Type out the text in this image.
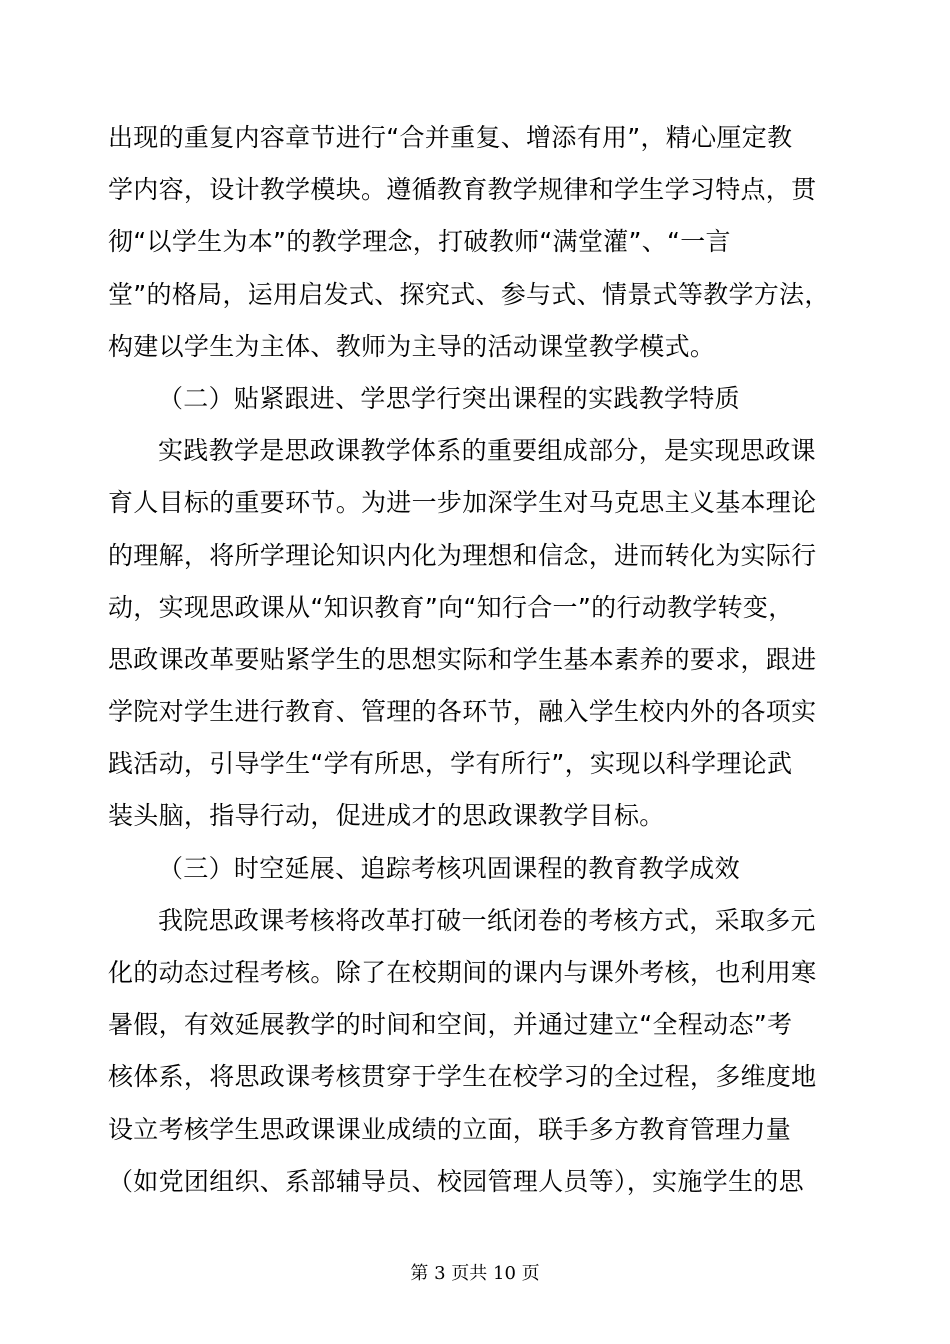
出现的重复内容章节进行“合并重复、增添有用”，精心厘定教
学内容，设计教学模块。遵循教育教学规律和学生学习特点，贯
彻“以学生为本”的教学理念，打破教师“满堂灌”、“一言
堂”的格局，运用启发式、探究式、参与式、情景式等教学方法，
构建以学生为主体、教师为主导的活动课堂教学模式。
（二）贴紧跟进、学思学行突出课程的实践教学特质
实践教学是思政课教学体系的重要组成部分，是实现思政课
育人目标的重要环节。为进一步加深学生对马克思主义基本理论
的理解，将所学理论知识内化为理想和信念，进而转化为实际行
动，实现思政课从“知识教育”向“知行合一”的行动教学转变，
思政课改革要贴紧学生的思想实际和学生基本素养的要求，跟进
学院对学生进行教育、管理的各环节，融入学生校内外的各项实
践活动，引导学生“学有所思，学有所行”，实现以科学理论武
装头脑，指导行动，促进成才的思政课教学目标。
（三）时空延展、追踪考核巩固课程的教育教学成效
我院思政课考核将改革打破一纸闭卷的考核方式，采取多元
化的动态过程考核。除了在校期间的课内与课外考核，也利用寒
暑假，有效延展教学的时间和空间，并通过建立“全程动态”考
核体系，将思政课考核贯穿于学生在校学习的全过程，多维度地
设立考核学生思政课课业成绩的立面，联手多方教育管理力量
（如党团组织、系部辅导员、校园管理人员等），实施学生的思
第 3 页共 10 页
